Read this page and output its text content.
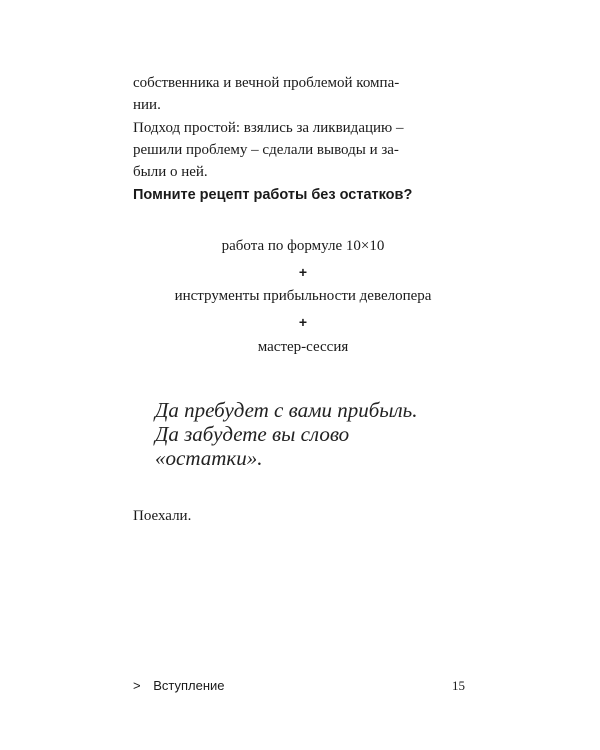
собственника и вечной проблемой компа-
нии.
Подход простой: взялись за ликвидацию –
решили проблему – сделали выводы и за-
были о ней.
Помните рецепт работы без остатков?
работа по формуле 10×10
+
инструменты прибыльности девелопера
+
мастер-сессия
Да пребудет с вами прибыль.
Да забудете вы слово
«остатки».
Поехали.
> Вступление	15
